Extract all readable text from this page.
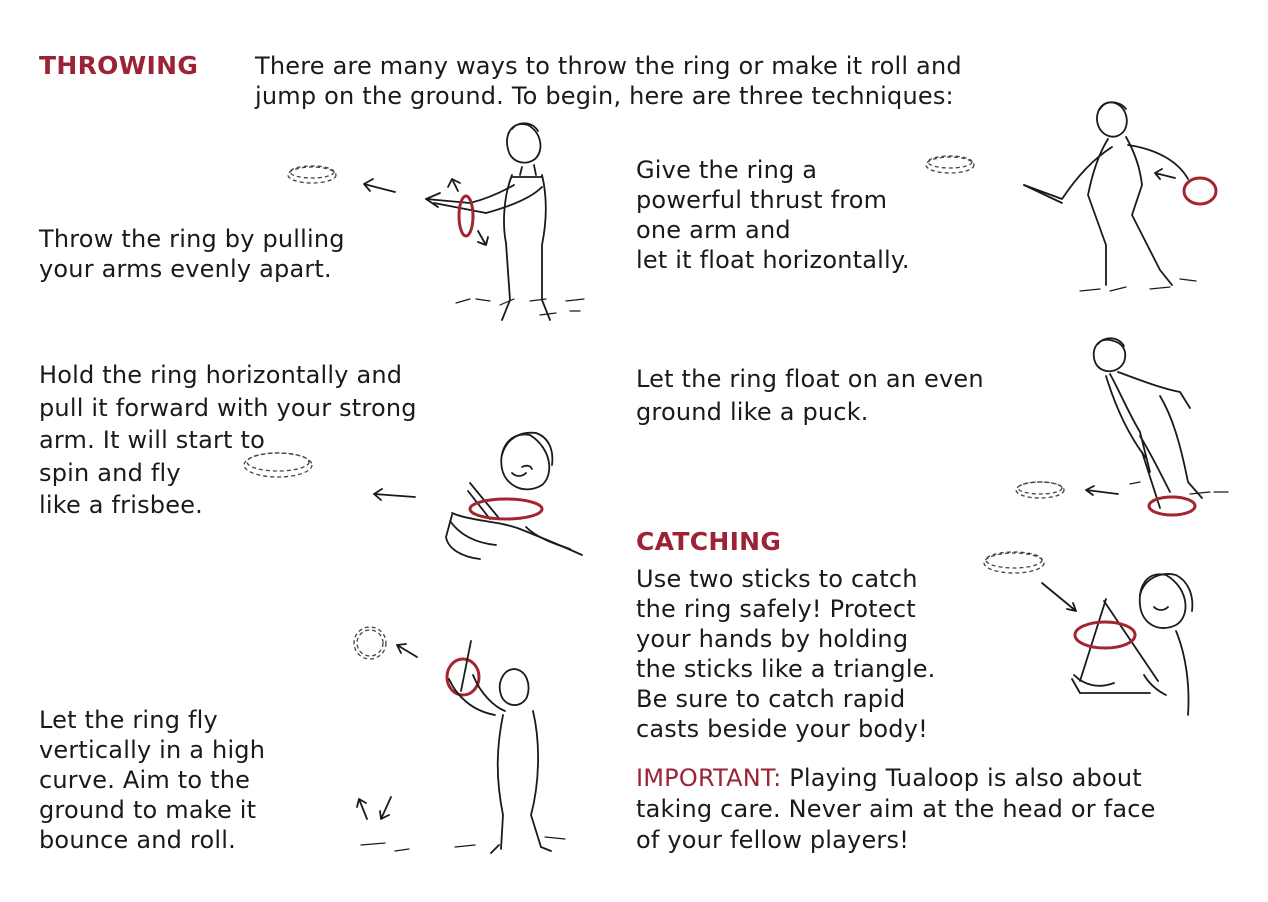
THROWING There are many ways to throw the ring or make it roll and
jump on the ground. To begin, here are three techniques:

Throw the ring by pulling
your arms evenly apart.

Give the ring a
powerful thrust from
one arm and
let it float horizontally.

Hold the ring horizontally and
pull it forward with your strong
arm. It will start to
spin and fly
like a frisbee.

Let the ring float on an even
ground like a puck.

Let the ring fly
vertically in a high
curve. Aim to the
ground to make it
bounce and roll.

CATCHING

Use two sticks to catch
the ring safely! Protect
your hands by holding
the sticks like a triangle.
Be sure to catch rapid
casts beside your body!

IMPORTANT: Playing Tualoop is also about
taking care. Never aim at the head or face
of your fellow players!
